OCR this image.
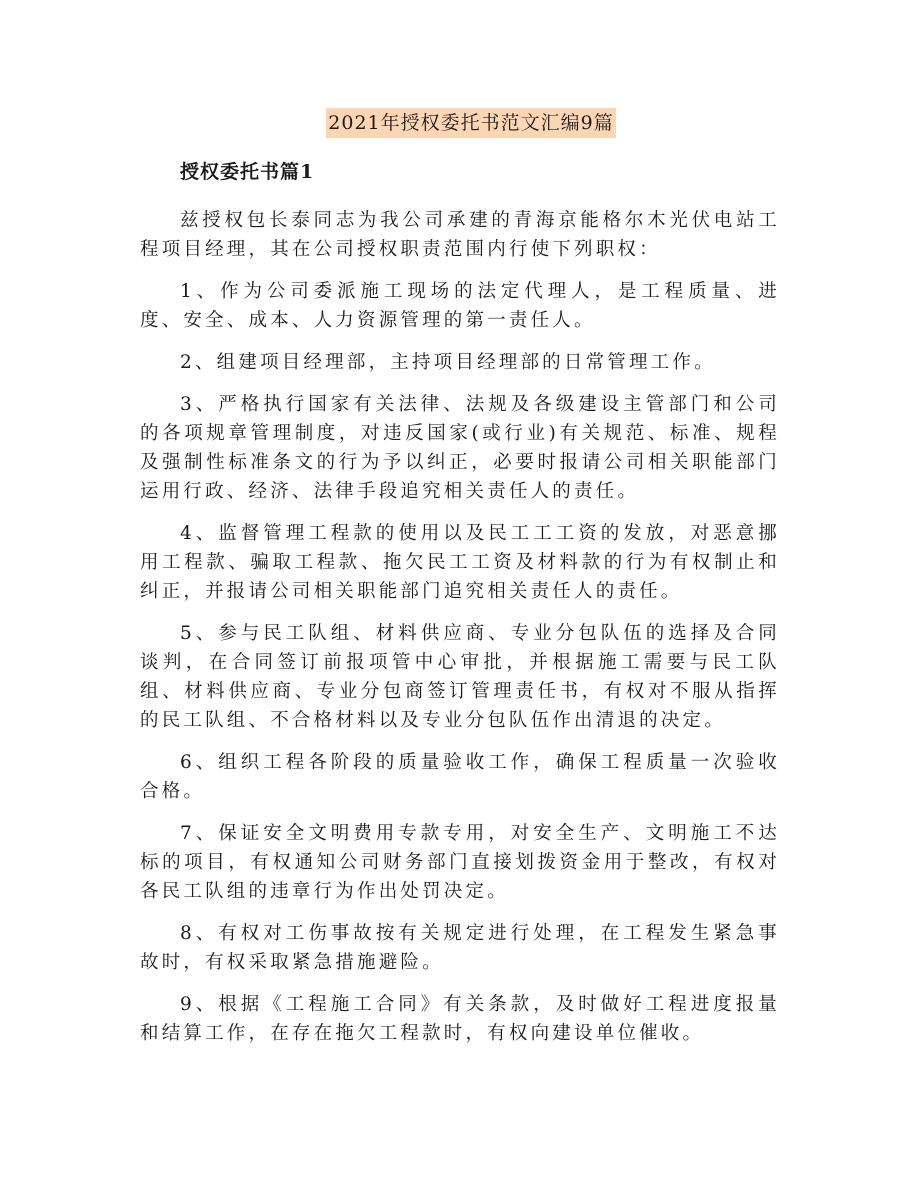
2021年授权委托书范文汇编9篇
授权委托书篇1

兹授权包长泰同志为我公司承建的青海京能格尔木光伏电站工程项目经理，其在公司授权职责范围内行使下列职权：

1、作为公司委派施工现场的法定代理人，是工程质量、进度、安全、成本、人力资源管理的第一责任人。

2、组建项目经理部，主持项目经理部的日常管理工作。

3、严格执行国家有关法律、法规及各级建设主管部门和公司的各项规章管理制度，对违反国家(或行业)有关规范、标准、规程及强制性标准条文的行为予以纠正，必要时报请公司相关职能部门运用行政、经济、法律手段追究相关责任人的责任。

4、监督管理工程款的使用以及民工工工资的发放，对恶意挪用工程款、骗取工程款、拖欠民工工资及材料款的行为有权制止和纠正，并报请公司相关职能部门追究相关责任人的责任。

5、参与民工队组、材料供应商、专业分包队伍的选择及合同谈判，在合同签订前报项管中心审批，并根据施工需要与民工队组、材料供应商、专业分包商签订管理责任书，有权对不服从指挥的民工队组、不合格材料以及专业分包队伍作出清退的决定。

6、组织工程各阶段的质量验收工作，确保工程质量一次验收合格。

7、保证安全文明费用专款专用，对安全生产、文明施工不达标的项目，有权通知公司财务部门直接划拨资金用于整改，有权对各民工队组的违章行为作出处罚决定。

8、有权对工伤事故按有关规定进行处理，在工程发生紧急事故时，有权采取紧急措施避险。

9、根据《工程施工合同》有关条款，及时做好工程进度报量和结算工作，在存在拖欠工程款时，有权向建设单位催收。
